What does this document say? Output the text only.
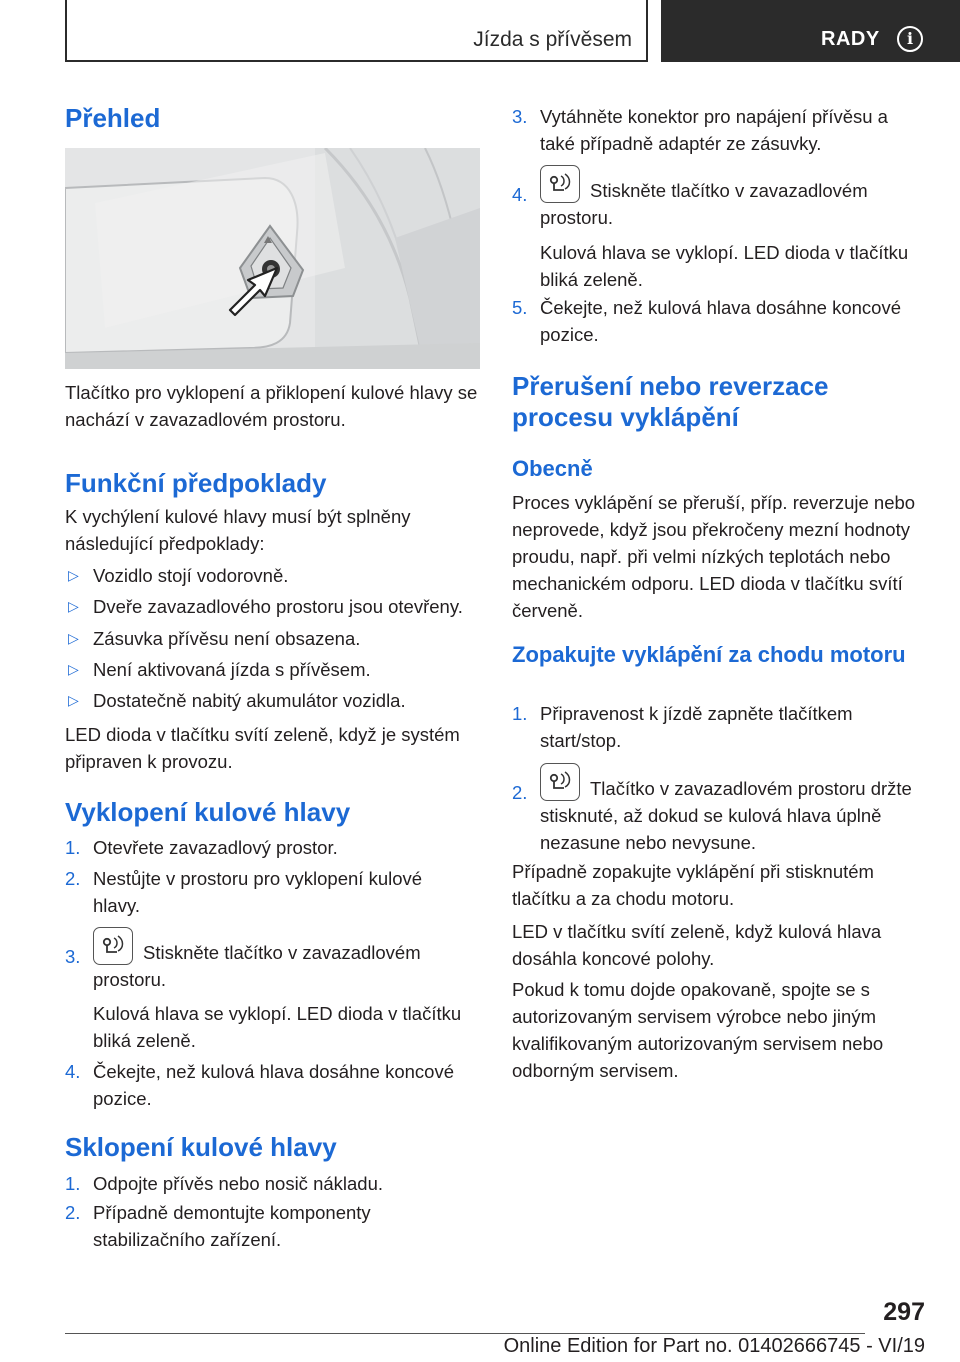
Jízda s přívěsem	RADY	i
Přehled

Tlačítko pro vyklopení a přiklopení kulové hlavy se nachází v zavazadlovém prostoru.

Funkční předpoklady

K vychýlení kulové hlavy musí být splněny následující předpoklady:

▷ Vozidlo stojí vodorovně.
▷ Dveře zavazadlového prostoru jsou otevřeny.
▷ Zásuvka přívěsu není obsazena.
▷ Není aktivovaná jízda s přívěsem.
▷ Dostatečně nabitý akumulátor vozidla.

LED dioda v tlačítku svítí zeleně, když je systém připraven k provozu.

Vyklopení kulové hlavy
1. Otevřete zavazadlový prostor.
2. Nestůjte v prostoru pro vyklopení kulové hlavy.
3.	Stiskněte tlačítko v zavazadlovém prostoru.

Kulová hlava se vyklopí. LED dioda v tlačítku bliká zeleně.

4. Čekejte, než kulová hlava dosáhne koncové pozice.
Sklopení kulové hlavy
1. Odpojte přívěs nebo nosič nákladu.
2. Případně demontujte komponenty stabilizačního zařízení.
3. Vytáhněte konektor pro napájení přívěsu a také případně adaptér ze zásuvky.
4.	Stiskněte tlačítko v zavazadlovém prostoru.

Kulová hlava se vyklopí. LED dioda v tlačítku bliká zeleně.

5. Čekejte, než kulová hlava dosáhne koncové pozice.
Přerušení nebo reverzace procesu vyklápění
Obecně

Proces vyklápění se přeruší, příp. reverzuje nebo neprovede, když jsou překročeny mezní hodnoty proudu, např. při velmi nízkých teplotách nebo mechanickém odporu. LED dioda v tlačítku svítí červeně.

Zopakujte vyklápění za chodu motoru
1. Připravenost k jízdě zapněte tlačítkem start/stop.
2.	Tlačítko v zavazadlovém prostoru držte stisknuté, až dokud se kulová hlava úplně nezasune nebo nevysune.

Případně zopakujte vyklápění při stisknutém tlačítku a za chodu motoru.

LED v tlačítku svítí zeleně, když kulová hlava dosáhla koncové polohy.

Pokud k tomu dojde opakovaně, spojte se s autorizovaným servisem výrobce nebo jiným kvalifikovaným autorizovaným servisem nebo odborným servisem.

297
Online Edition for Part no. 01402666745 - VI/19
